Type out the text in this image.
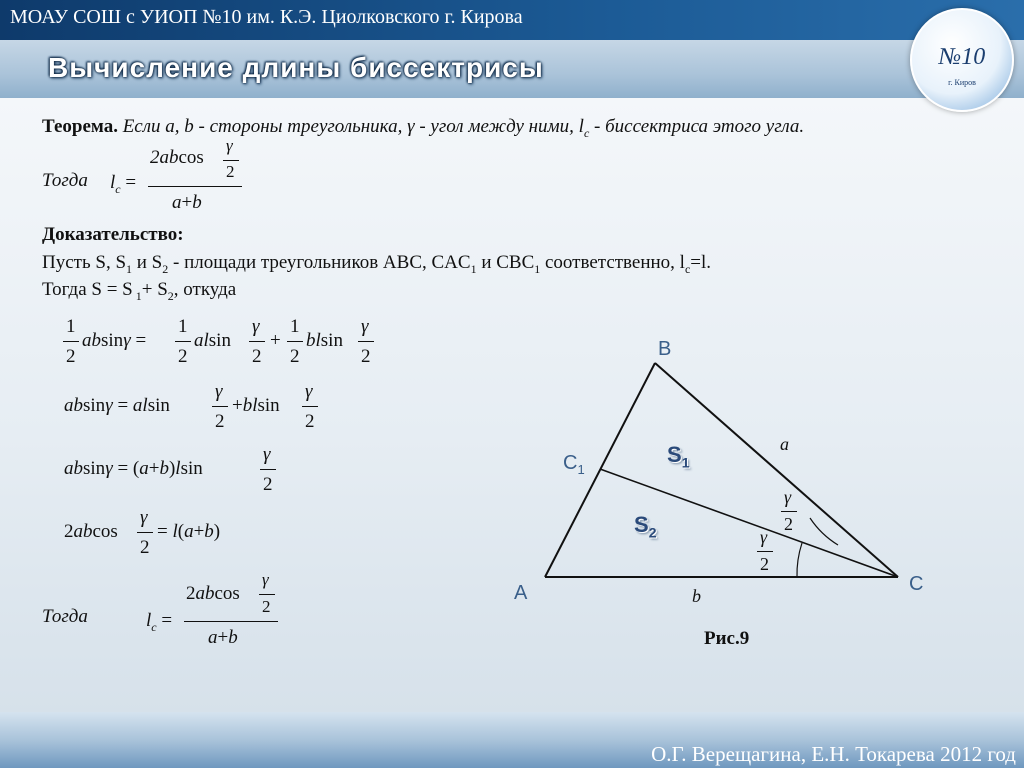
МОАУ СОШ с УИОП №10 им. К.Э. Циолковского г. Кирова
Вычисление длины биссектрисы	№10
г. Киров
Теорема. Если a, b - стороны треугольника, γ - угол между ними, $l_c$ - биссектриса этого угла.
Тогда $l_c$ =
2abcos
γ
2
a+b
Доказательство:
Пусть S, $S_1$ и $S_2$ - площади треугольников ABC, $CAC_1$ и $CBC_1$ соответственно, $l_c=l$.
Тогда S = S $_1+ S_2$, откуда
1
2
absinγ =
1
2
alsin
γ
2
+
1
2
blsin
γ
2
absinγ = alsin
γ
2
+blsin
γ
2
absinγ = (a+b)lsin
γ
2
2abcos
γ
2
= l(a+b)
Тогда	$l_c$ =
2abcos
γ
2
a+b
B
A	C
$C_1$
a
b
$S_1$
$S_2$
γ
2
γ
2
Рис.9
О.Г. Верещагина, Е.Н. Токарева 2012 год
